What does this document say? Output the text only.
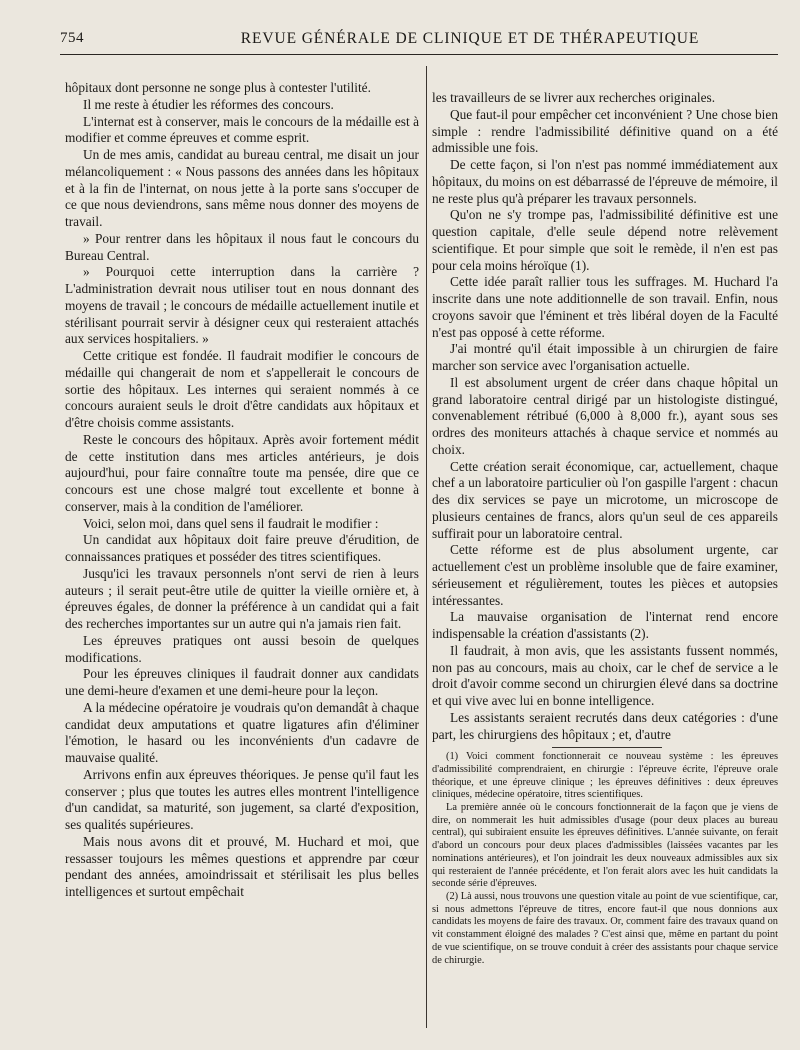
754	REVUE GÉNÉRALE DE CLINIQUE ET DE THÉRAPEUTIQUE

hôpitaux dont personne ne songe plus à contester l'utilité.

Il me reste à étudier les réformes des concours.

L'internat est à conserver, mais le concours de la médaille est à modifier et comme épreuves et comme esprit.

Un de mes amis, candidat au bureau central, me disait un jour mélancoliquement : « Nous passons des années dans les hôpitaux et à la fin de l'internat, on nous jette à la porte sans s'occuper de ce que nous deviendrons, sans même nous donner des moyens de travail.

» Pour rentrer dans les hôpitaux il nous faut le concours du Bureau Central.

» Pourquoi cette interruption dans la carrière ? L'administration devrait nous utiliser tout en nous donnant des moyens de travail ; le concours de médaille actuellement inutile et stérilisant pourrait servir à désigner ceux qui resteraient attachés aux services hospitaliers. »

Cette critique est fondée. Il faudrait modifier le concours de médaille qui changerait de nom et s'appellerait le concours de sortie des hôpitaux. Les internes qui seraient nommés à ce concours auraient seuls le droit d'être candidats aux hôpitaux et d'être choisis comme assistants.

Reste le concours des hôpitaux. Après avoir fortement médit de cette institution dans mes articles antérieurs, je dois aujourd'hui, pour faire connaître toute ma pensée, dire que ce concours est une chose malgré tout excellente et bonne à conserver, mais à la condition de l'améliorer.

Voici, selon moi, dans quel sens il faudrait le modifier :

Un candidat aux hôpitaux doit faire preuve d'érudition, de connaissances pratiques et posséder des titres scientifiques.

Jusqu'ici les travaux personnels n'ont servi de rien à leurs auteurs ; il serait peut-être utile de quitter la vieille ornière et, à épreuves égales, de donner la préférence à un candidat qui a fait des recherches importantes sur un autre qui n'a jamais rien fait.

Les épreuves pratiques ont aussi besoin de quelques modifications.

Pour les épreuves cliniques il faudrait donner aux candidats une demi-heure d'examen et une demi-heure pour la leçon.

A la médecine opératoire je voudrais qu'on demandât à chaque candidat deux amputations et quatre ligatures afin d'éliminer l'émotion, le hasard ou les inconvénients d'un cadavre de mauvaise qualité.

Arrivons enfin aux épreuves théoriques. Je pense qu'il faut les conserver ; plus que toutes les autres elles montrent l'intelligence d'un candidat, sa maturité, son jugement, sa clarté d'exposition, ses qualités supérieures.

Mais nous avons dit et prouvé, M. Huchard et moi, que ressasser toujours les mêmes questions et apprendre par cœur pendant des années, amoindrissait et stérilisait les plus belles intelligences et surtout empêchait

les travailleurs de se livrer aux recherches originales.

Que faut-il pour empêcher cet inconvénient ? Une chose bien simple : rendre l'admissibilité définitive quand on a été admissible une fois.

De cette façon, si l'on n'est pas nommé immédiatement aux hôpitaux, du moins on est débarrassé de l'épreuve de mémoire, il ne reste plus qu'à préparer les travaux personnels.

Qu'on ne s'y trompe pas, l'admissibilité définitive est une question capitale, d'elle seule dépend notre relèvement scientifique. Et pour simple que soit le remède, il n'en est pas pour cela moins héroïque (1).

Cette idée paraît rallier tous les suffrages. M. Huchard l'a inscrite dans une note additionnelle de son travail. Enfin, nous croyons savoir que l'éminent et très libéral doyen de la Faculté n'est pas opposé à cette réforme.

J'ai montré qu'il était impossible à un chirurgien de faire marcher son service avec l'organisation actuelle.

Il est absolument urgent de créer dans chaque hôpital un grand laboratoire central dirigé par un histologiste distingué, convenablement rétribué (6,000 à 8,000 fr.), ayant sous ses ordres des moniteurs attachés à chaque service et nommés au choix.

Cette création serait économique, car, actuellement, chaque chef a un laboratoire particulier où l'on gaspille l'argent : chacun des dix services se paye un microtome, un microscope de plusieurs centaines de francs, alors qu'un seul de ces appareils suffirait pour un laboratoire central.

Cette réforme est de plus absolument urgente, car actuellement c'est un problème insoluble que de faire examiner, sérieusement et régulièrement, toutes les pièces et autopsies intéressantes.

La mauvaise organisation de l'internat rend encore indispensable la création d'assistants (2).

Il faudrait, à mon avis, que les assistants fussent nommés, non pas au concours, mais au choix, car le chef de service a le droit d'avoir comme second un chirurgien élevé dans sa doctrine et qui vive avec lui en bonne intelligence.

Les assistants seraient recrutés dans deux catégories : d'une part, les chirurgiens des hôpitaux ; et, d'autre

(1) Voici comment fonctionnerait ce nouveau système : les épreuves d'admissibilité comprendraient, en chirurgie : l'épreuve écrite, l'épreuve orale théorique, et une épreuve clinique ; les épreuves définitives : deux épreuves cliniques, médecine opératoire, titres scientifiques.

La première année où le concours fonctionnerait de la façon que je viens de dire, on nommerait les huit admissibles d'usage (pour deux places au bureau central), qui subiraient ensuite les épreuves définitives. L'année suivante, on ferait d'abord un concours pour deux places d'admissibles (laissées vacantes par les nominations antérieures), et l'on joindrait les deux nouveaux admissibles aux six qui resteraient de l'année précédente, et l'on ferait alors avec les huit candidats la seconde série d'épreuves.

(2) Là aussi, nous trouvons une question vitale au point de vue scientifique, car, si nous admettons l'épreuve de titres, encore faut-il que nous donnions aux candidats les moyens de faire des travaux. Or, comment faire des travaux quand on vit constamment éloigné des malades ? C'est ainsi que, même en partant du point de vue scientifique, on se trouve conduit à créer des assistants pour chaque service de chirurgie.
